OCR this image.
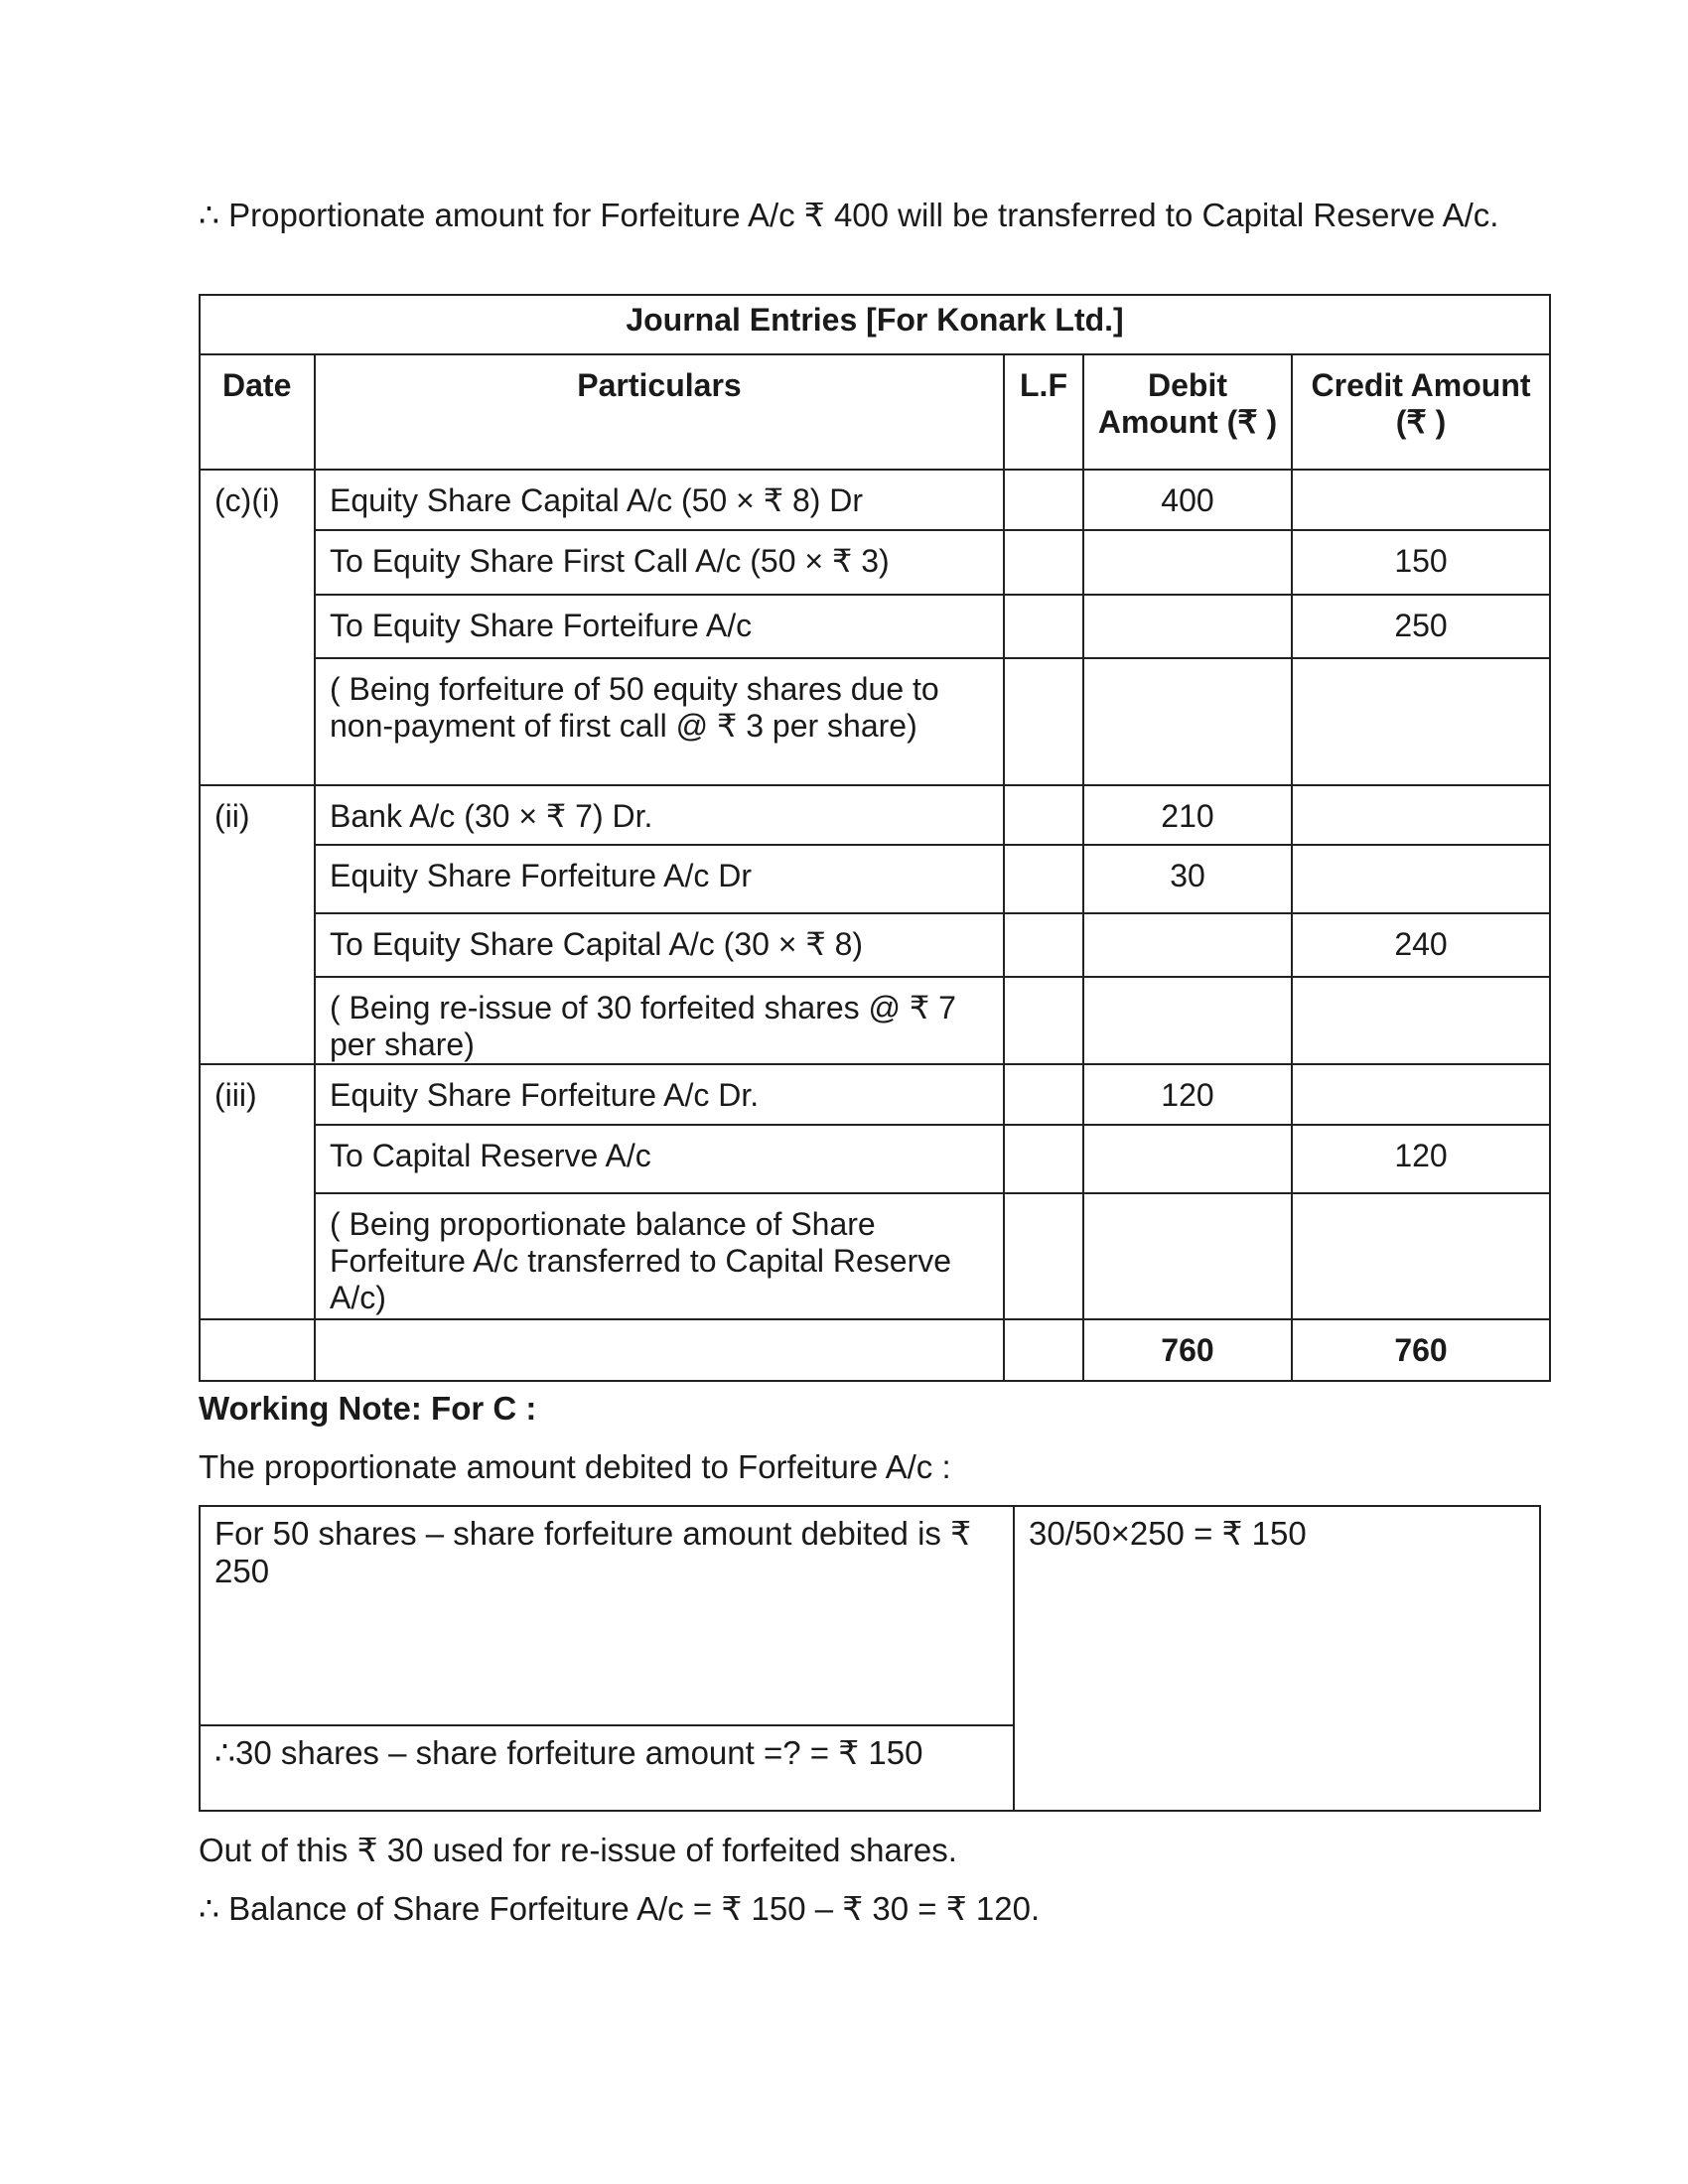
∴ Proportionate amount for Forfeiture A/c ₹ 400 will be transferred to Capital Reserve A/c.
Journal Entries [For Konark Ltd.]				
Date	Particulars	L.F	Debit Amount (₹ )	Credit Amount (₹ )
(c)(i)	Equity Share Capital A/c (50 × ₹ 8) Dr		400	
	To Equity Share First Call A/c (50 × ₹ 3)			150
	To Equity Share Forteifure A/c			250
	( Being forfeiture of 50 equity shares due to non-payment of first call @ ₹ 3 per share)			
(ii)	Bank A/c (30 × ₹ 7) Dr.		210	
	Equity Share Forfeiture A/c Dr		30	
	To Equity Share Capital A/c (30 × ₹ 8)			240
	( Being re-issue of 30 forfeited shares @ ₹ 7 per share)			
(iii)	Equity Share Forfeiture A/c Dr.		120	
	To Capital Reserve A/c			120
	( Being proportionate balance of Share Forfeiture A/c transferred to Capital Reserve A/c)			
			760	760
Working Note: For C :
The proportionate amount debited to Forfeiture A/c :
For 50 shares – share forfeiture amount debited is ₹ 250	30/50×250 = ₹ 150
∴30 shares – share forfeiture amount =? = ₹ 150
Out of this ₹ 30 used for re-issue of forfeited shares.
∴ Balance of Share Forfeiture A/c = ₹ 150 – ₹ 30 = ₹ 120.
